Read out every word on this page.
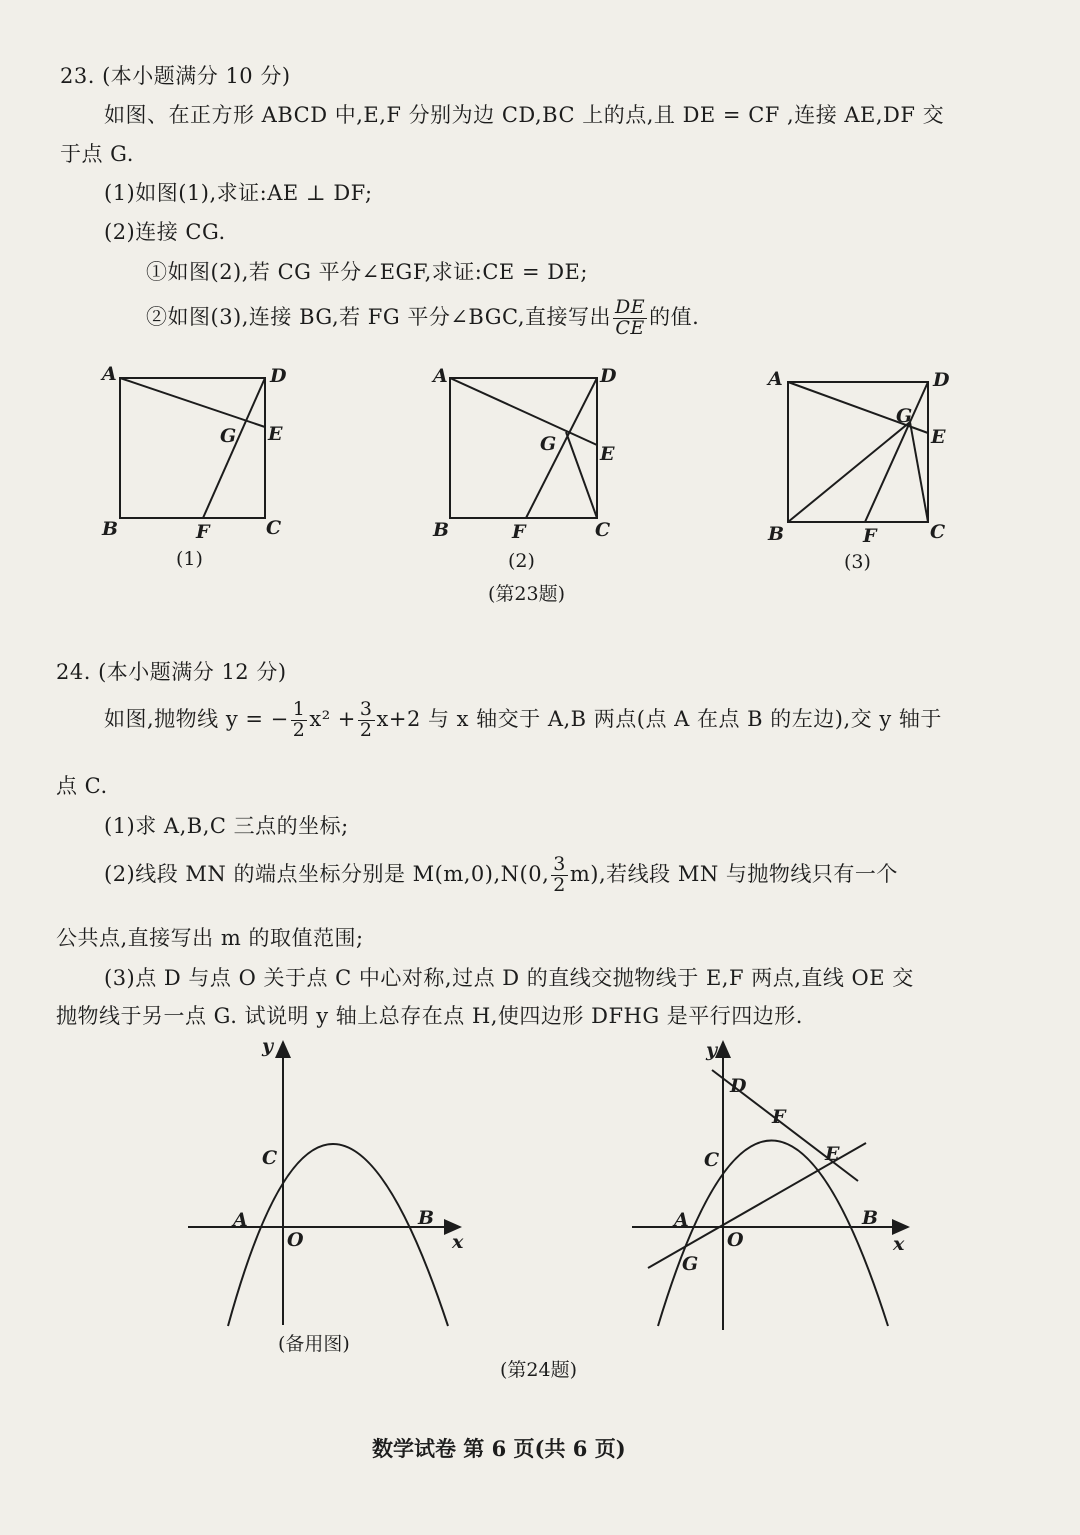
23. (本小题满分 10 分)
如图、在正方形 ABCD 中,E,F 分别为边 CD,BC 上的点,且 DE = CF ,连接 AE,DF 交
于点 G.
(1)如图(1),求证:AE ⊥ DF;
(2)连接 CG.
①如图(2),若 CG 平分∠EGF,求证:CE = DE;
②如图(3),连接 BG,若 FG 平分∠BGC,直接写出 $\frac{DE}{CE}$ 的值.
A	D
E
G
B	F	C
(1)
A	D
E
G
B	F	C
(2)
A	D
E
G
B	F	C
(3)
(第23题)
24. (本小题满分 12 分)
如图,抛物线 y = − $\frac{1}{2} x^2 + \frac{3}{2} x+2$ 与 x 轴交于 A,B 两点(点 A 在点 B 的左边),交 y 轴于
点 C.
(1)求 A,B,C 三点的坐标;
(2)线段 MN 的端点坐标分别是 M(m,0),N(0, $\frac{3}{2} m$),若线段 MN 与抛物线只有一个
公共点,直接写出 m 的取值范围;
(3)点 D 与点 O 关于点 C 中心对称,过点 D 的直线交抛物线于 E,F 两点,直线 OE 交
抛物线于另一点 G. 试说明 y 轴上总存在点 H,使四边形 DFHG 是平行四边形.
y
x
O
C
A	B
(备用图)
y
x
O
D
F
E
C
A	B
G
(第24题)
数学试卷 第 6 页(共 6 页)
